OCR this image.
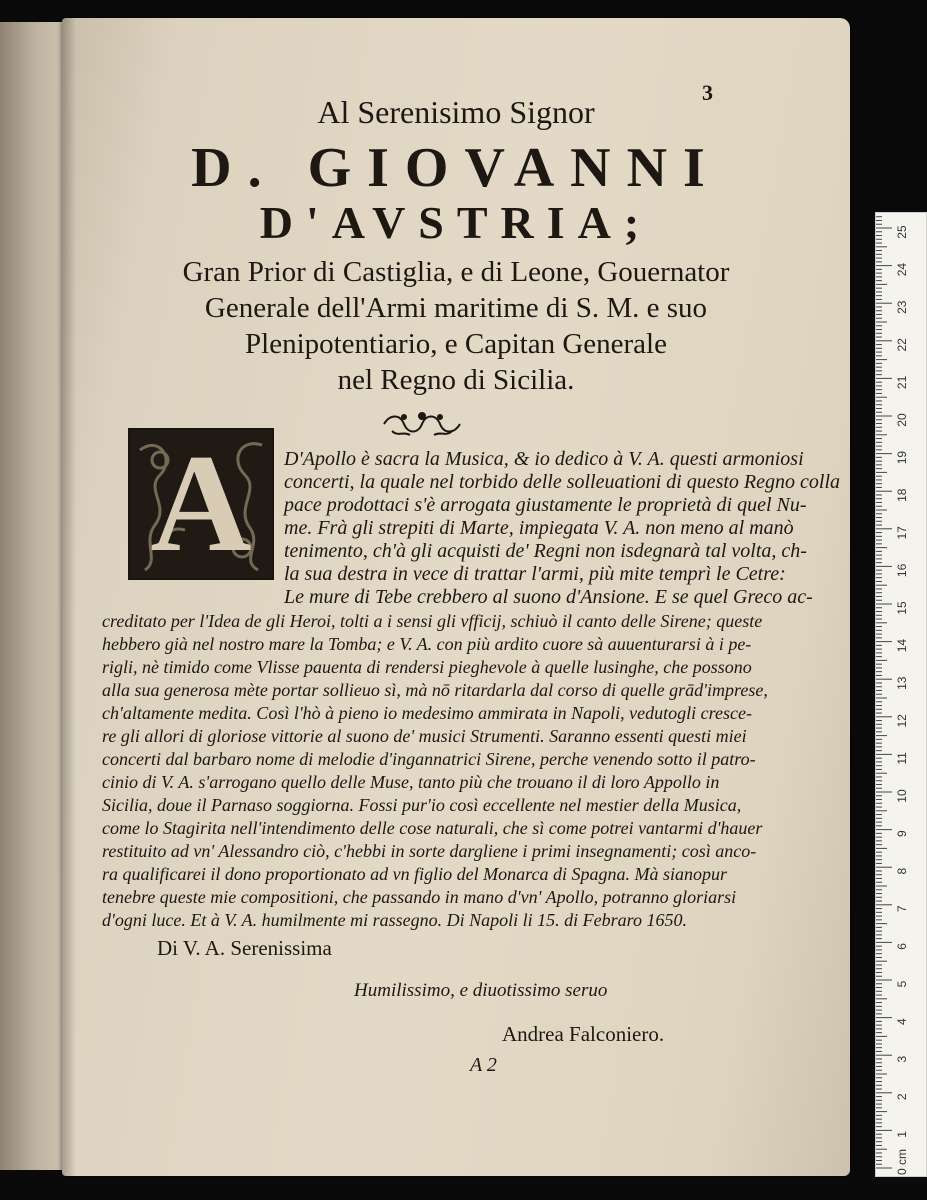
3
Al Serenisimo Signor
D. GIOVANNI
D'AVSTRIA;
Gran Prior di Castiglia, e di Leone, Gouernator
Generale dell'Armi maritime di S. M. e suo
Plenipotentiario, e Capitan Generale
nel Regno di Sicilia.
A	D'Apollo è sacra la Musica, & io dedico à V. A. questi armoniosi
concerti, la quale nel torbido delle solleuationi di questo Regno colla
pace prodottaci s'è arrogata giustamente le proprietà di quel Nu-
me. Frà gli strepiti di Marte, impiegata V. A. non meno al manò
tenimento, ch'à gli acquisti de' Regni non isdegnarà tal volta, ch-
la sua destra in vece di trattar l'armi, più mite temprì le Cetre:
Le mure di Tebe crebbero al suono d'Ansione. E se quel Greco ac-
creditato per l'Idea de gli Heroi, tolti a i sensi gli vfficij, schiuò il canto delle Sirene; queste
hebbero già nel nostro mare la Tomba; e V. A. con più ardito cuore sà auuenturarsi à i pe-
rigli, nè timido come Vlisse pauenta di rendersi pieghevole à quelle lusinghe, che possono
alla sua generosa mète portar sollieuo sì, mà nō ritardarla dal corso di quelle grād'imprese,
ch'altamente medita. Così l'hò à pieno io medesimo ammirata in Napoli, vedutogli cresce-
re gli allori di gloriose vittorie al suono de' musici Strumenti. Saranno essenti questi miei
concerti dal barbaro nome di melodie d'ingannatrici Sirene, perche venendo sotto il patro-
cinio di V. A. s'arrogano quello delle Muse, tanto più che trouano il di loro Appollo in
Sicilia, doue il Parnaso soggiorna. Fossi pur'io così eccellente nel mestier della Musica,
come lo Stagirita nell'intendimento delle cose naturali, che sì come potrei vantarmi d'hauer
restituito ad vn' Alessandro ciò, c'hebbi in sorte dargliene i primi insegnamenti; così anco-
ra qualificarei il dono proportionato ad vn figlio del Monarca di Spagna. Mà sianopur
tenebre queste mie compositioni, che passando in mano d'vn' Apollo, potranno gloriarsi
d'ogni luce. Et à V. A. humilmente mi rassegno. Di Napoli li 15. di Febraro 1650.
Di V. A. Serenissima
Humilissimo, e diuotissimo seruo
Andrea Falconiero.
A 2
0 cm
1
2
3
4
5
6
7
8
9
10
11
12
13
14
15
16
17
18
19
20
21
22
23
24
25
